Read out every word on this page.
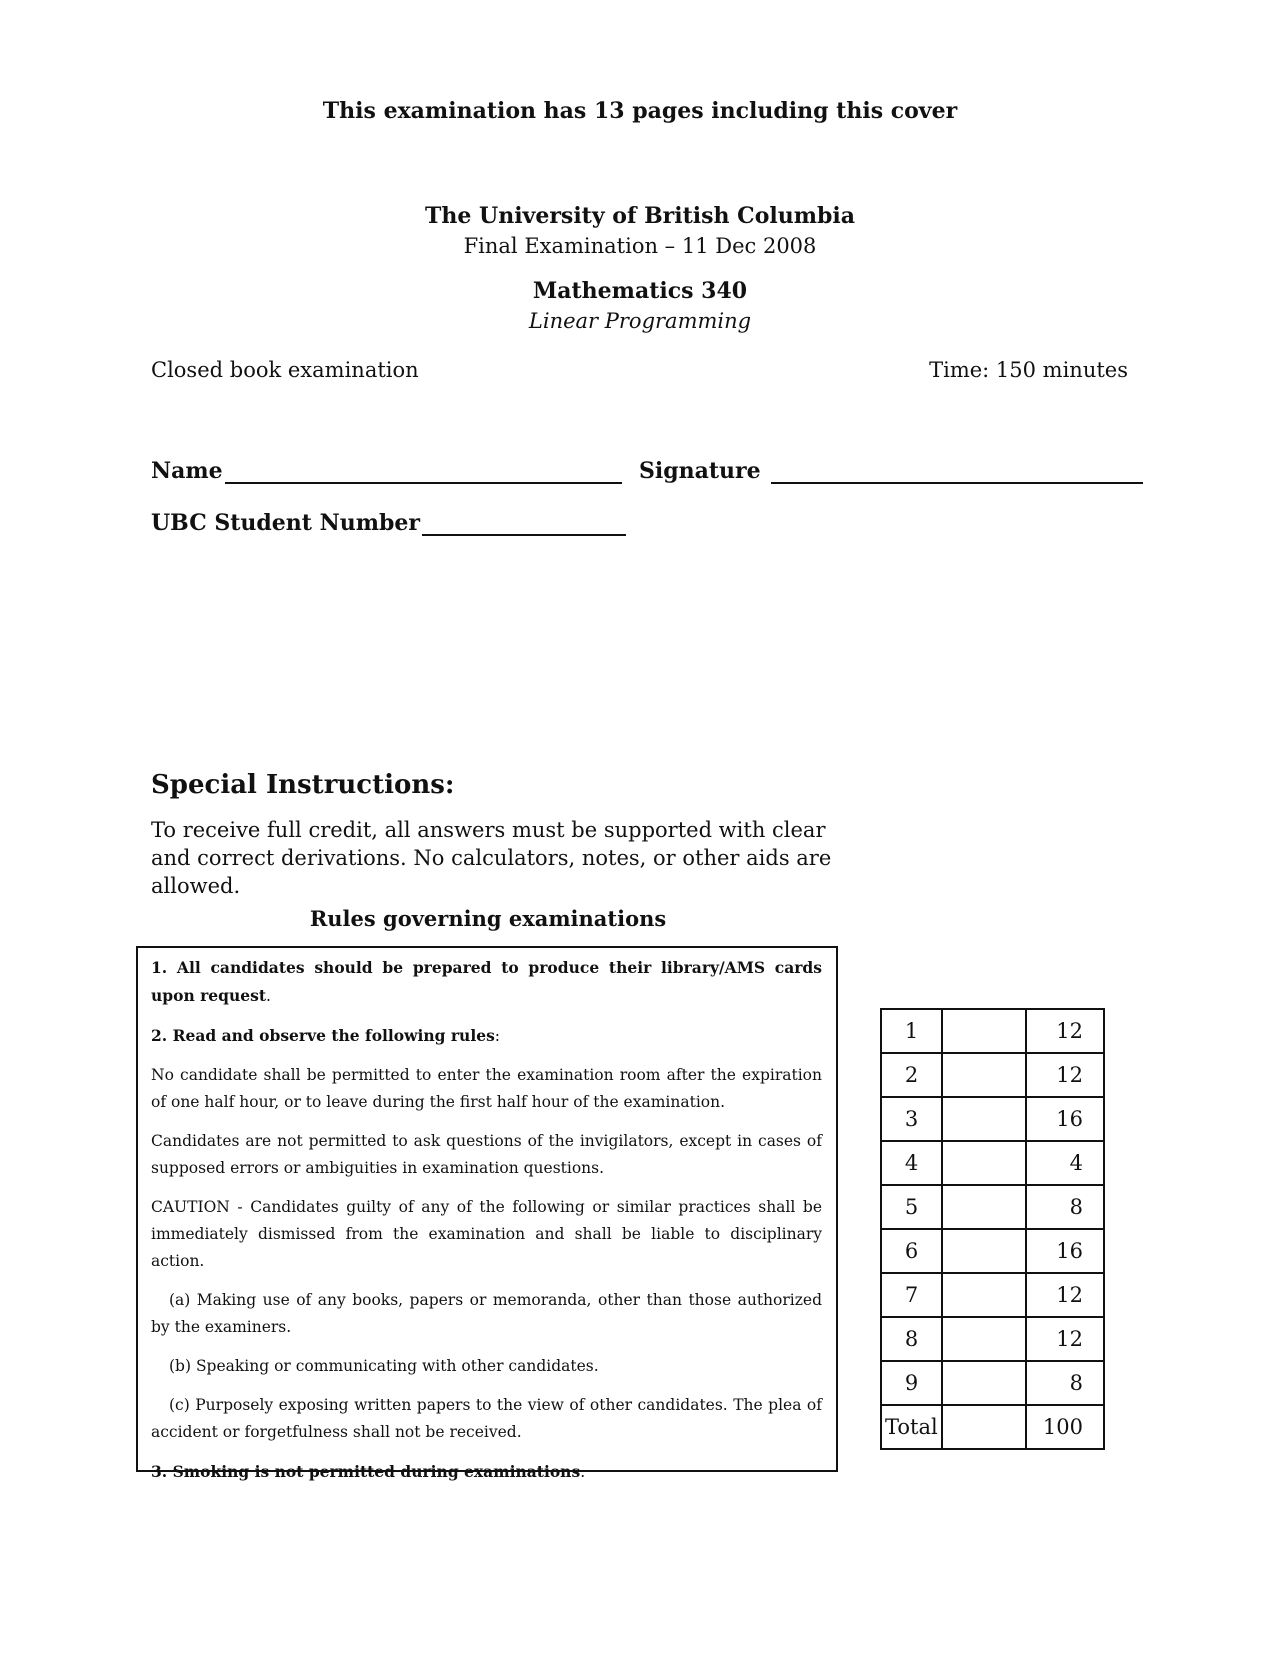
This examination has 13 pages including this cover
The University of British Columbia
Final Examination – 11 Dec 2008
Mathematics 340
Linear Programming
Closed book examination	Time: 150 minutes
Name	Signature
UBC Student Number
Special Instructions:
To receive full credit, all answers must be supported with clear and correct derivations. No calculators, notes, or other aids are allowed.
Rules governing examinations

1. All candidates should be prepared to produce their library/AMS cards upon request.

2. Read and observe the following rules:

No candidate shall be permitted to enter the examination room after the expiration of one half hour, or to leave during the first half hour of the examination.

Candidates are not permitted to ask questions of the invigilators, except in cases of supposed errors or ambiguities in examination questions.

CAUTION - Candidates guilty of any of the following or similar practices shall be immediately dismissed from the examination and shall be liable to disciplinary action.

(a) Making use of any books, papers or memoranda, other than those authorized by the examiners.

(b) Speaking or communicating with other candidates.

(c) Purposely exposing written papers to the view of other candidates. The plea of accident or forgetfulness shall not be received.

3. Smoking is not permitted during examinations.

1		12
2		12
3		16
4		4
5		8
6		16
7		12
8		12
9		8
Total		100
